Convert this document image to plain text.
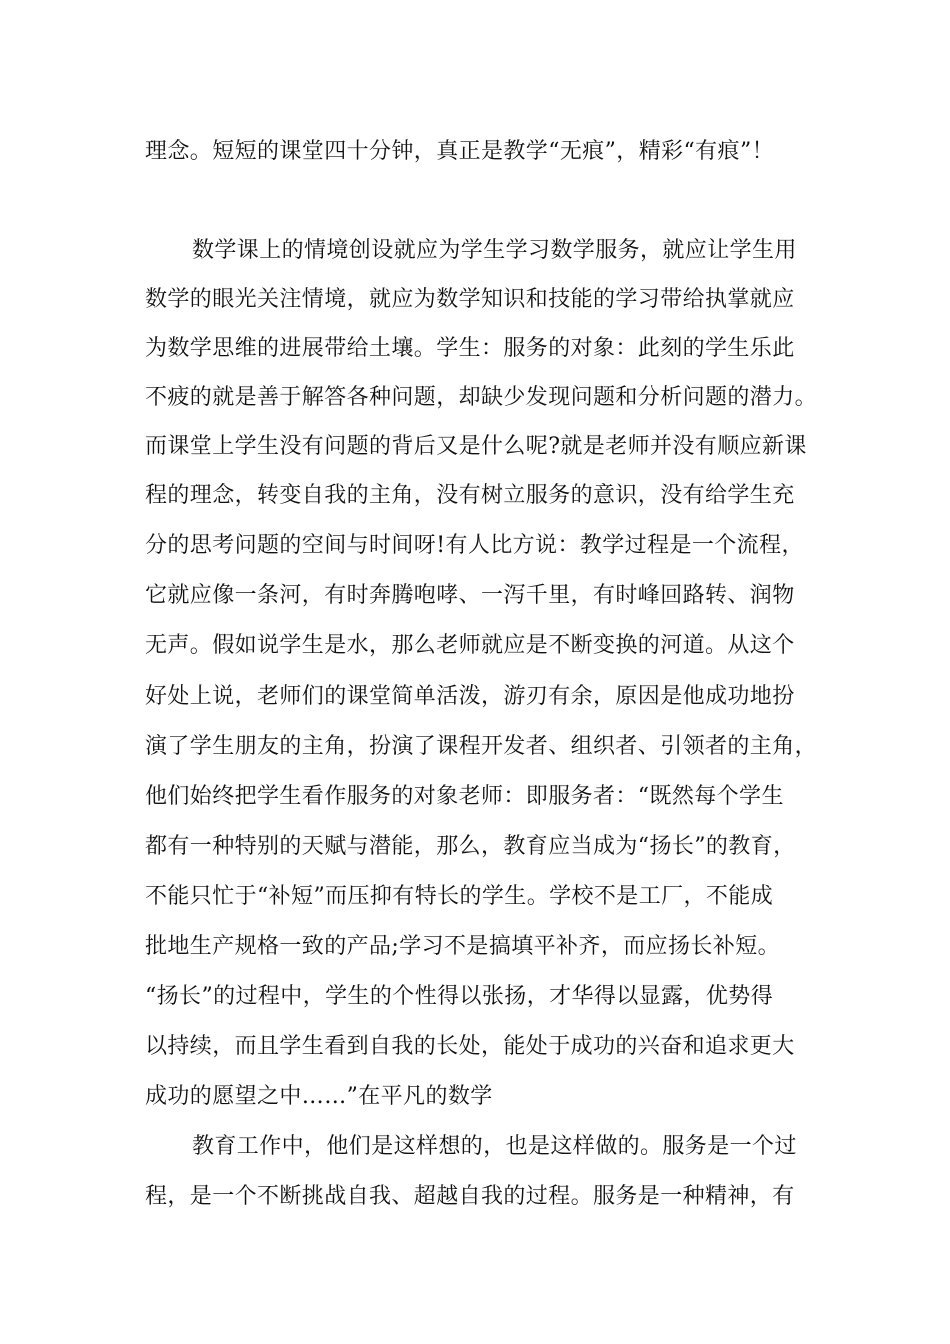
理念。短短的课堂四十分钟，真正是教学“无痕”，精彩“有痕”！
数学课上的情境创设就应为学生学习数学服务，就应让学生用
数学的眼光关注情境，就应为数学知识和技能的学习带给执掌就应
为数学思维的进展带给土壤。学生：服务的对象：此刻的学生乐此
不疲的就是善于解答各种问题，却缺少发现问题和分析问题的潜力。
而课堂上学生没有问题的背后又是什么呢?就是老师并没有顺应新课
程的理念，转变自我的主角，没有树立服务的意识，没有给学生充
分的思考问题的空间与时间呀!有人比方说：教学过程是一个流程，
它就应像一条河，有时奔腾咆哮、一泻千里，有时峰回路转、润物
无声。假如说学生是水，那么老师就应是不断变换的河道。从这个
好处上说，老师们的课堂简单活泼，游刃有余，原因是他成功地扮
演了学生朋友的主角，扮演了课程开发者、组织者、引领者的主角，
他们始终把学生看作服务的对象老师：即服务者：“既然每个学生
都有一种特别的天赋与潜能，那么，教育应当成为“扬长”的教育，
不能只忙于“补短”而压抑有特长的学生。学校不是工厂，不能成
批地生产规格一致的产品;学习不是搞填平补齐，而应扬长补短。
“扬长”的过程中，学生的个性得以张扬，才华得以显露，优势得
以持续，而且学生看到自我的长处，能处于成功的兴奋和追求更大
成功的愿望之中……”在平凡的数学
教育工作中，他们是这样想的，也是这样做的。服务是一个过
程，是一个不断挑战自我、超越自我的过程。服务是一种精神，有
